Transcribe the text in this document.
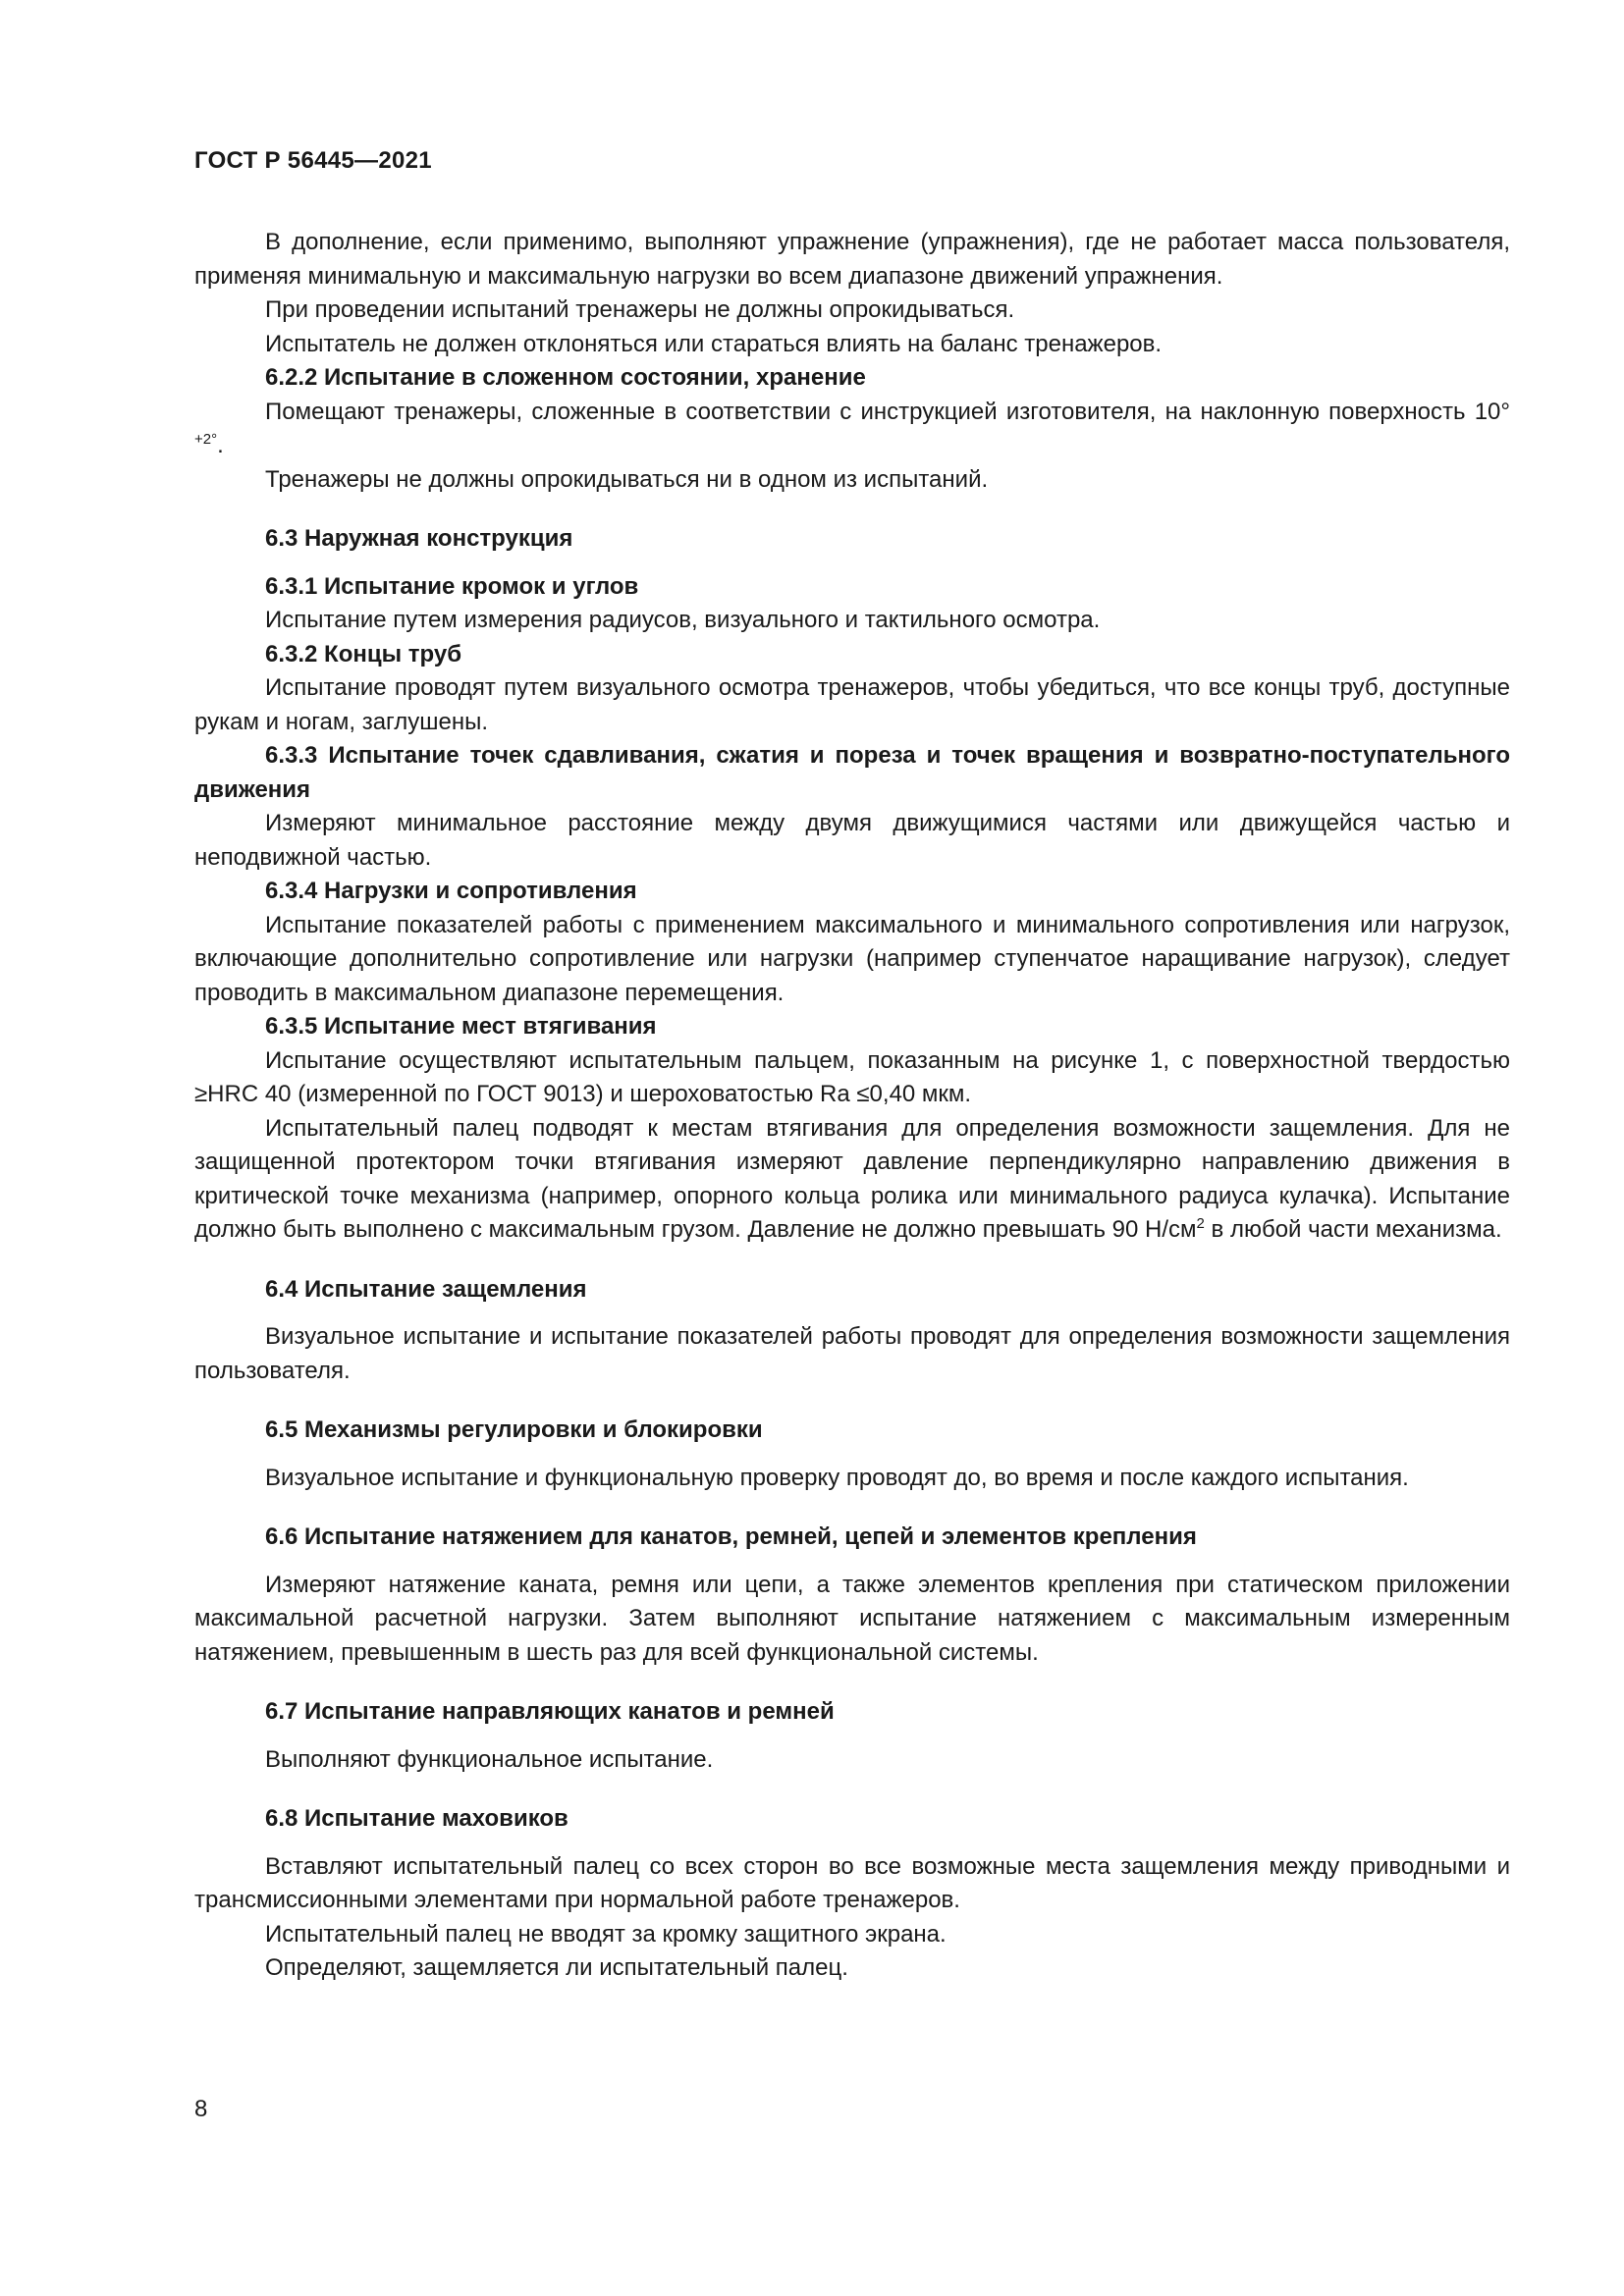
ГОСТ Р 56445—2021

В дополнение, если применимо, выполняют упражнение (упражнения), где не работает масса пользователя, применяя минимальную и максимальную нагрузки во всем диапазоне движений упражнения.

При проведении испытаний тренажеры не должны опрокидываться.

Испытатель не должен отклоняться или стараться влиять на баланс тренажеров.

6.2.2 Испытание в сложенном состоянии, хранение

Помещают тренажеры, сложенные в соответствии с инструкцией изготовителя, на наклонную поверхность 10°$^{+2^\circ}$.

Тренажеры не должны опрокидываться ни в одном из испытаний.

6.3 Наружная конструкция

6.3.1 Испытание кромок и углов

Испытание путем измерения радиусов, визуального и тактильного осмотра.

6.3.2 Концы труб

Испытание проводят путем визуального осмотра тренажеров, чтобы убедиться, что все концы труб, доступные рукам и ногам, заглушены.

6.3.3 Испытание точек сдавливания, сжатия и пореза и точек вращения и возвратно-поступательного движения

Измеряют минимальное расстояние между двумя движущимися частями или движущейся частью и неподвижной частью.

6.3.4 Нагрузки и сопротивления

Испытание показателей работы с применением максимального и минимального сопротивления или нагрузок, включающие дополнительно сопротивление или нагрузки (например ступенчатое наращивание нагрузок), следует проводить в максимальном диапазоне перемещения.

6.3.5 Испытание мест втягивания

Испытание осуществляют испытательным пальцем, показанным на рисунке 1, с поверхностной твердостью ≥HRC 40 (измеренной по ГОСТ 9013) и шероховатостью Ra ≤0,40 мкм.

Испытательный палец подводят к местам втягивания для определения возможности защемления. Для не защищенной протектором точки втягивания измеряют давление перпендикулярно направлению движения в критической точке механизма (например, опорного кольца ролика или минимального радиуса кулачка). Испытание должно быть выполнено с максимальным грузом. Давление не должно превышать 90 $Н/см^2$ в любой части механизма.

6.4 Испытание защемления

Визуальное испытание и испытание показателей работы проводят для определения возможности защемления пользователя.

6.5 Механизмы регулировки и блокировки

Визуальное испытание и функциональную проверку проводят до, во время и после каждого испытания.

6.6 Испытание натяжением для канатов, ремней, цепей и элементов крепления

Измеряют натяжение каната, ремня или цепи, а также элементов крепления при статическом приложении максимальной расчетной нагрузки. Затем выполняют испытание натяжением с максимальным измеренным натяжением, превышенным в шесть раз для всей функциональной системы.

6.7 Испытание направляющих канатов и ремней

Выполняют функциональное испытание.

6.8 Испытание маховиков

Вставляют испытательный палец со всех сторон во все возможные места защемления между приводными и трансмиссионными элементами при нормальной работе тренажеров.

Испытательный палец не вводят за кромку защитного экрана.

Определяют, защемляется ли испытательный палец.

8
